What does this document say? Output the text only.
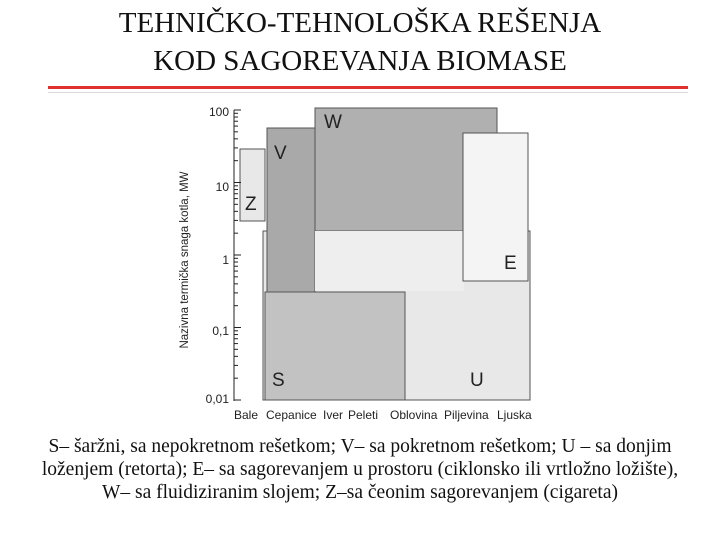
TEHNIČKO-TEHNOLOŠKA REŠENJA
KOD SAGOREVANJA BIOMASE
W
V
Z
E
U
S
100
10
1
0,1
0,01
Nazivna termička snaga kotla, MW
Bale Cepanice Iver Peleti Oblovina Piljevina Ljuska
S– šaržni, sa nepokretnom rešetkom; V– sa pokretnom rešetkom; U – sa donjim loženjem (retorta); E– sa sagorevanjem u prostoru (ciklonsko ili vrtložno ložište), W– sa fluidiziranim slojem; Z–sa čeonim sagorevanjem (cigareta)
